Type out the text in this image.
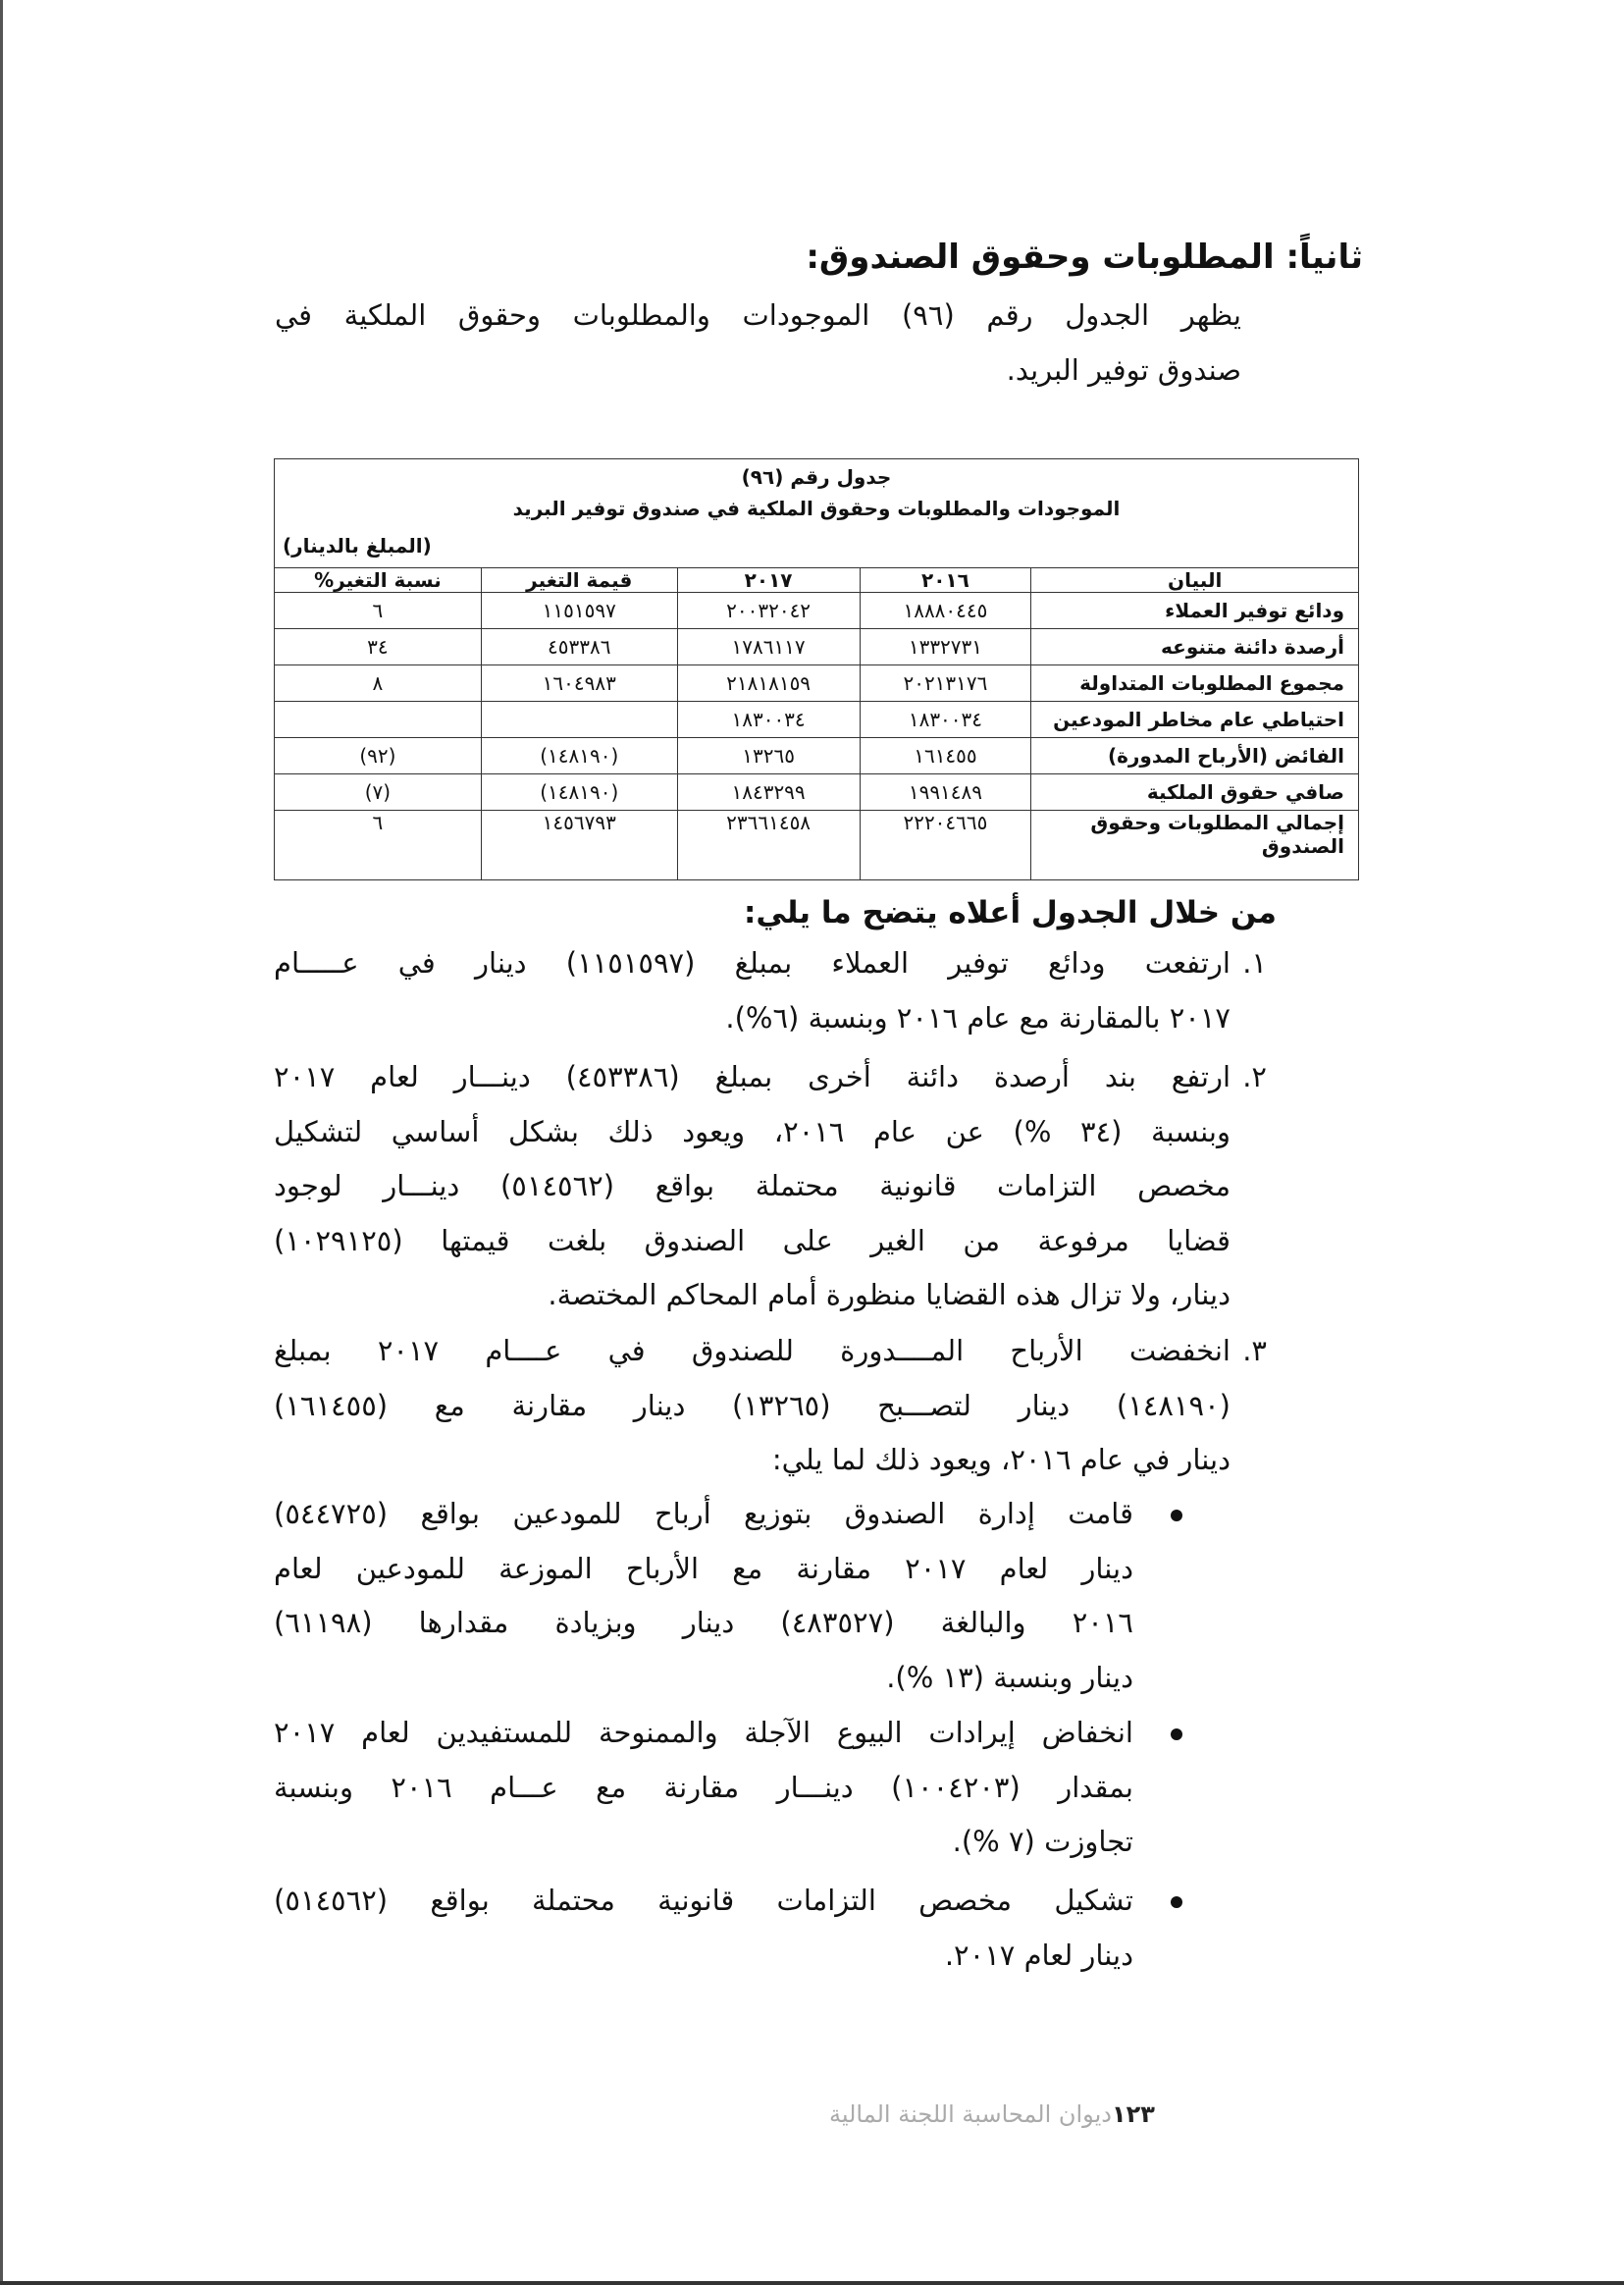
ثانياً: المطلوبات وحقوق الصندوق:
يظهر الجدول رقم (٩٦) الموجودات والمطلوبات وحقوق الملكية في
صندوق توفير البريد.
جدول رقم (٩٦)
الموجودات والمطلوبات وحقوق الملكية في صندوق توفير البريد
(المبلغ بالدينار)				

البيان	٢٠١٦	٢٠١٧	قيمة التغير	نسبة التغير%
ودائع توفير العملاء	١٨٨٨٠٤٤٥	٢٠٠٣٢٠٤٢	١١٥١٥٩٧	٦
أرصدة دائنة متنوعه	١٣٣٢٧٣١	١٧٨٦١١٧	٤٥٣٣٨٦	٣٤
مجموع المطلوبات المتداولة	٢٠٢١٣١٧٦	٢١٨١٨١٥٩	١٦٠٤٩٨٣	٨
احتياطي عام مخاطر المودعين	١٨٣٠٠٣٤	١٨٣٠٠٣٤		
الفائض (الأرباح المدورة)	١٦١٤٥٥	١٣٢٦٥	(١٤٨١٩٠)	(٩٢)
صافي حقوق الملكية	١٩٩١٤٨٩	١٨٤٣٢٩٩	(١٤٨١٩٠)	(٧)
إجمالي المطلوبات وحقوق الصندوق	٢٢٢٠٤٦٦٥	٢٣٦٦١٤٥٨	١٤٥٦٧٩٣	٦
من خلال الجدول أعلاه يتضح ما يلي:
١.
ارتفعت ودائع توفير العملاء بمبلغ (١١٥١٥٩٧) دينار في عـــــام
٢٠١٧ بالمقارنة مع عام ٢٠١٦ وبنسبة (٦%).
٢.
ارتفع بند أرصدة دائنة أخرى بمبلغ (٤٥٣٣٨٦) دينـــار لعام ٢٠١٧
وبنسبة (٣٤ %) عن عام ٢٠١٦، ويعود ذلك بشكل أساسي لتشكيل
مخصص التزامات قانونية محتملة بواقع (٥١٤٥٦٢) دينـــار لوجود
قضايا مرفوعة من الغير على الصندوق بلغت قيمتها (١٠٢٩١٢٥)
دينار، ولا تزال هذه القضايا منظورة أمام المحاكم المختصة.
٣.
انخفضت الأرباح المــــدورة للصندوق في عــــام ٢٠١٧ بمبلغ
(١٤٨١٩٠) دينار لتصـــبح (١٣٢٦٥) دينار مقارنة مع (١٦١٤٥٥)
دينار في عام ٢٠١٦، ويعود ذلك لما يلي:
قامت إدارة الصندوق بتوزيع أرباح للمودعين بواقع (٥٤٤٧٢٥)
دينار لعام ٢٠١٧ مقارنة مع الأرباح الموزعة للمودعين لعام
٢٠١٦ والبالغة (٤٨٣٥٢٧) دينار وبزيادة مقدارها (٦١١٩٨)
دينار وبنسبة (١٣ %).
انخفاض إيرادات البيوع الآجلة والممنوحة للمستفيدين لعام ٢٠١٧
بمقدار (١٠٠٤٢٠٣) دينـــار مقارنة مع عـــام ٢٠١٦ وبنسبة
تجاوزت (٧ %).
تشكيل مخصص التزامات قانونية محتملة بواقع (٥١٤٥٦٢)
دينار لعام ٢٠١٧.
١٢٣ديوان المحاسبة اللجنة المالية
